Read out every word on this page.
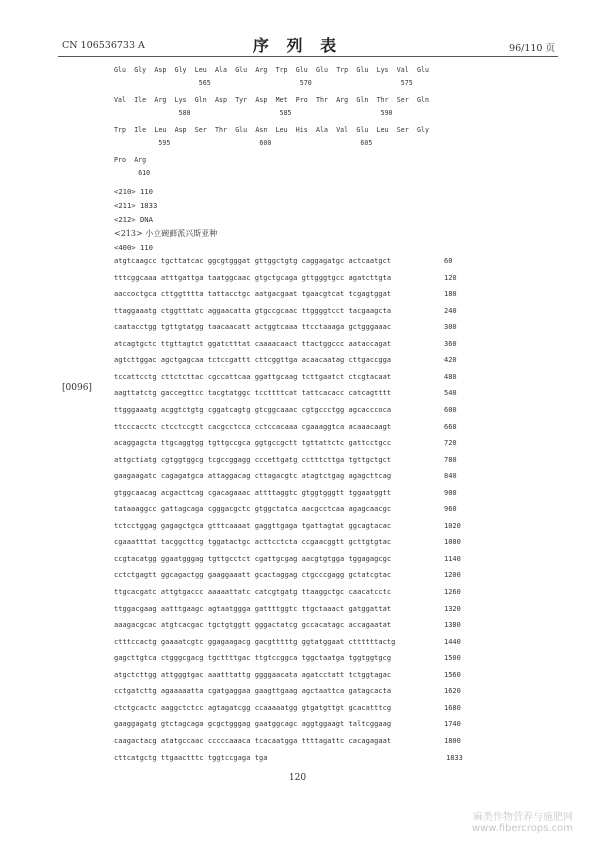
CN 106536733 A	序 列 表	96/110 页
[0096]
Glu Gly Asp Gly Leu Ala Glu Arg Trp Glu Glu Trp Glu Lys Val Glu
565	570	575
Val Ile Arg Lys Gln Asp Tyr Asp Met Pro Thr Arg Gln Thr Ser Gln
580	585	590
Trp Ile Leu Asp Ser Thr Glu Asn Leu His Ala Val Glu Leu Ser Gly
595	600	605
Pro Arg
610
<210> 110
<211> 1833
<212> DNA
<213> 小立碗藓派兴斯亚种
<400> 110
atgtcaagcc tgcttatcac ggcgtgggat gttggctgtg caggagatgc actcaatgct	60
tttcggcaaa atttgattga taatggcaac gtgctgcaga gttgggtgcc agatcttgta	120
aaccoctgca cttggtttta tattacctgc aatgacgaat tgaacgtcat tcgagtggat	180
ttaggaaatg ctggtttatc aggaacatta gtgccgcaac ttggggtcct tacgaagcta	240
caatacctgg tgttgtatgg taacaacatt actggtcaaa ttcctaaaga gctgggaaac	300
atcagtgctc ttgttagtct ggatctttat caaaacaact ttactggccc aataccagat	360
agtcttggac agctgagcaa tctccgattt cttcggttga acaacaatag cttgaccgga	420
tccattcctg cttctcttac cgccattcaa ggattgcaag tcttgaatct ctcgtacaat	480
aagttatctg gaccegttcc tacgtatggc tccttttcat tattcacacc catcagtttt	540
ttgggaaatg acggtctgtg cggatcagtg gtcggcaaac cgtgccctgg agcacccoca	600
ttcccacctc ctcctccgtt cacgcctcca cctccacaaa cgaaaggtca acaaacaagt	660
acaggagcta ttgcaggtgg tgttgccgca ggtgccgctt tgttattctc gattcctgcc	720
attgctiatg cgtggtggcg tcgccggagg cccettgatg cctttcttga tgttgctgct	780
gaagaagatc cagagatgca attaggacag cttagacgtc atagtctgag agagcttcag	840
gtggcaacag acgacttcag cgacagaaac attttaggtc gtggtgggtt tggaatggtt	900
tataaaggcc gattagcaga cgggacgctc gtggctatca aacgcctcaa agagcaacgc	960
tctcctggag gagagctgca gtttcaaaat gaggttgaga tgattagtat ggcagtacac	1020
cgaaatttat tacggcttcg tggatactgc acttcctcta ccgaacggtt gcttgtgtac	1080
ccgtacatgg ggaatgggag tgttgcctct cgattgcgag aacgtgtgga tggagagcgc	1140
cctctgagtt ggcagactgg gaaggaaatt gcactaggag ctgcccgagg gctatcgtac	1200
ttgcacgatc attgtgaccc aaaaattatc catcgtgatg ttaaggctgc caacatcctc	1260
ttggacgaag aatttgaagc agtaatggga gattttggtc ttgctaaact gatggattat	1320
aaagacgcac atgtcacgac tgctgtggtt gggactatcg gccacatagc accagaatat	1380
ctttccactg gaaaatcgtc ggagaagacg gacgtttttg ggtatggaat cttttttactg	1440
gagcttgtca ctgggcgacg tgcttttgac ttgtccggca tggctaatga tggtggtgcg	1500
atgctcttgg attgggtgac aaatttattg ggggaacata agatcctatt tctggtagac	1560
cctgatcttg agaaaaatta cgatgaggaa gaagttgaag agctaattca gatagcacta	1620
ctctgcactc aaggctctcc agtagatcgg ccaaaaatgg gtgatgttgt gcacatttcg	1680
gaaggagatg gtctagcaga gcgctgggag gaatggcagc aggtggaagt taltcggaag	1740
caagactacg atatgccaac cccccaaaca tcacaatgga ttttagattc cacagagaat	1800
cttcatgctg ttgaactttc tggtccgaga tga	1833
120
麻类作物营养与施肥网
www.fibercrops.com
